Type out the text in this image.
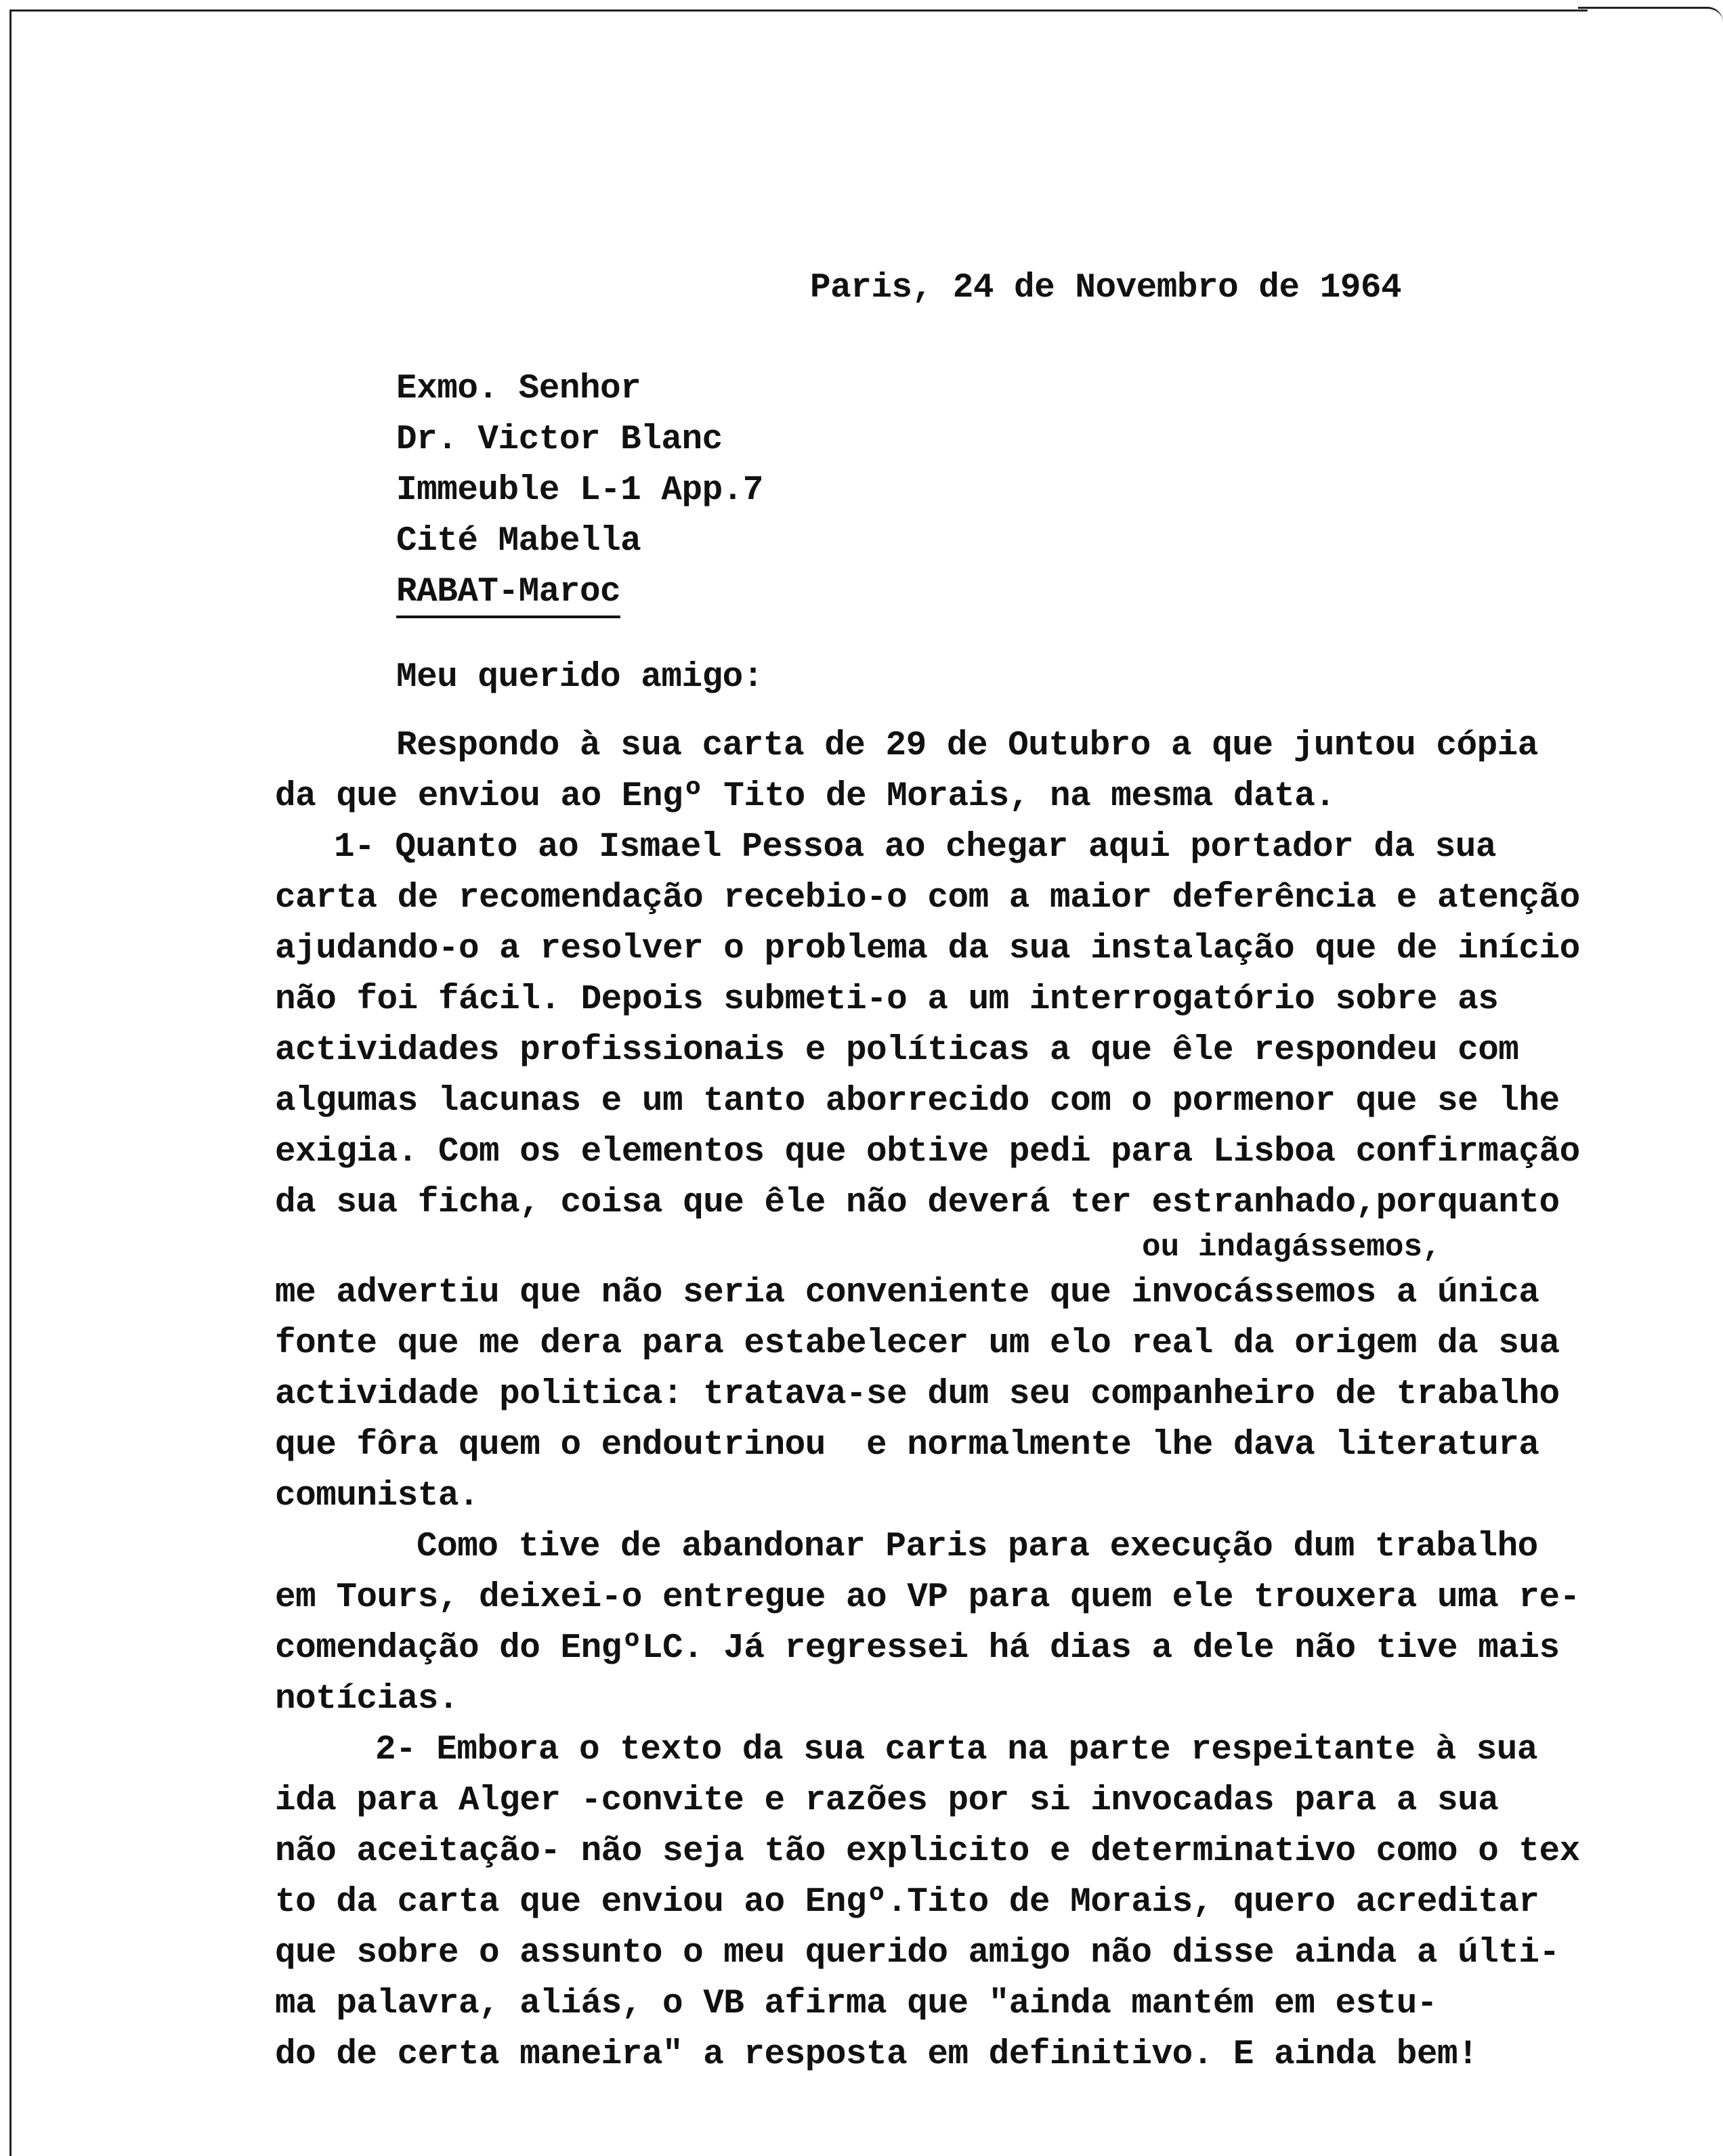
Paris, 24 de Novembro de 1964
Exmo. Senhor
Dr. Victor Blanc
Immeuble L-1 App.7
Cité Mabella
RABAT-Maroc
Meu querido amigo:
Respondo à sua carta de 29 de Outubro a que juntou cópia
da que enviou ao Engº Tito de Morais, na mesma data.
1- Quanto ao Ismael Pessoa ao chegar aqui portador da sua
carta de recomendação recebio-o com a maior deferência e atenção
ajudando-o a resolver o problema da sua instalação que de início
não foi fácil. Depois submeti-o a um interrogatório sobre as
actividades profissionais e políticas a que êle respondeu com
algumas lacunas e um tanto aborrecido com o pormenor que se lhe
exigia. Com os elementos que obtive pedi para Lisboa confirmação
da sua ficha, coisa que êle não deverá ter estranhado,porquanto
me advertiu que não seria conveniente que invocássemos a única
fonte que me dera para estabelecer um elo real da origem da sua
actividade politica: tratava-se dum seu companheiro de trabalho
que fôra quem o endoutrinou  e normalmente lhe dava literatura
comunista.
Como tive de abandonar Paris para execução dum trabalho
em Tours, deixei-o entregue ao VP para quem ele trouxera uma re-
comendação do EngºLC. Já regressei há dias a dele não tive mais
notícias.
2- Embora o texto da sua carta na parte respeitante à sua
ida para Alger -convite e razões por si invocadas para a sua
não aceitação- não seja tão explicito e determinativo como o tex
to da carta que enviou ao Engº.Tito de Morais, quero acreditar
que sobre o assunto o meu querido amigo não disse ainda a últi-
ma palavra, aliás, o VB afirma que "ainda mantém em estu-
do de certa maneira" a resposta em definitivo. E ainda bem!
ou indagássemos,
